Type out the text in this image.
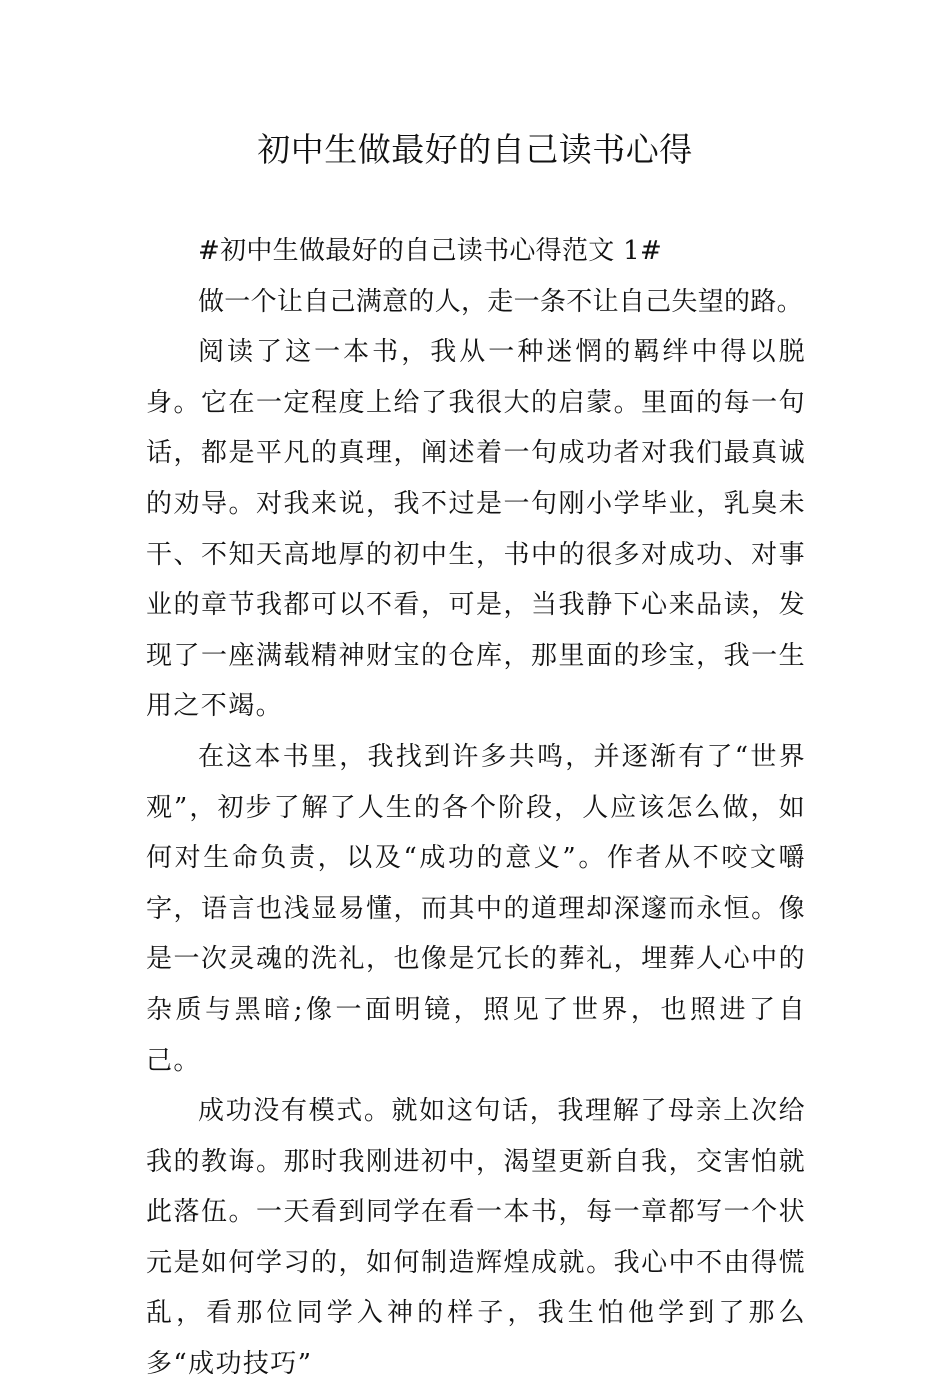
初中生做最好的自己读书心得

#初中生做最好的自己读书心得范文 1#

做一个让自己满意的人，走一条不让自己失望的路。

阅读了这一本书，我从一种迷惘的羁绊中得以脱身。它在一定程度上给了我很大的启蒙。里面的每一句话，都是平凡的真理，阐述着一句成功者对我们最真诚的劝导。对我来说，我不过是一句刚小学毕业，乳臭未干、不知天高地厚的初中生，书中的很多对成功、对事业的章节我都可以不看，可是，当我静下心来品读，发现了一座满载精神财宝的仓库，那里面的珍宝，我一生用之不竭。

在这本书里，我找到许多共鸣，并逐渐有了“世界观”，初步了解了人生的各个阶段，人应该怎么做，如何对生命负责，以及“成功的意义”。作者从不咬文嚼字，语言也浅显易懂，而其中的道理却深邃而永恒。像是一次灵魂的洗礼，也像是冗长的葬礼，埋葬人心中的杂质与黑暗;像一面明镜，照见了世界，也照进了自己。

成功没有模式。就如这句话，我理解了母亲上次给我的教诲。那时我刚进初中，渴望更新自我，交害怕就此落伍。一天看到同学在看一本书，每一章都写一个状元是如何学习的，如何制造辉煌成就。我心中不由得慌乱，看那位同学入神的样子，我生怕他学到了那么多“成功技巧”
